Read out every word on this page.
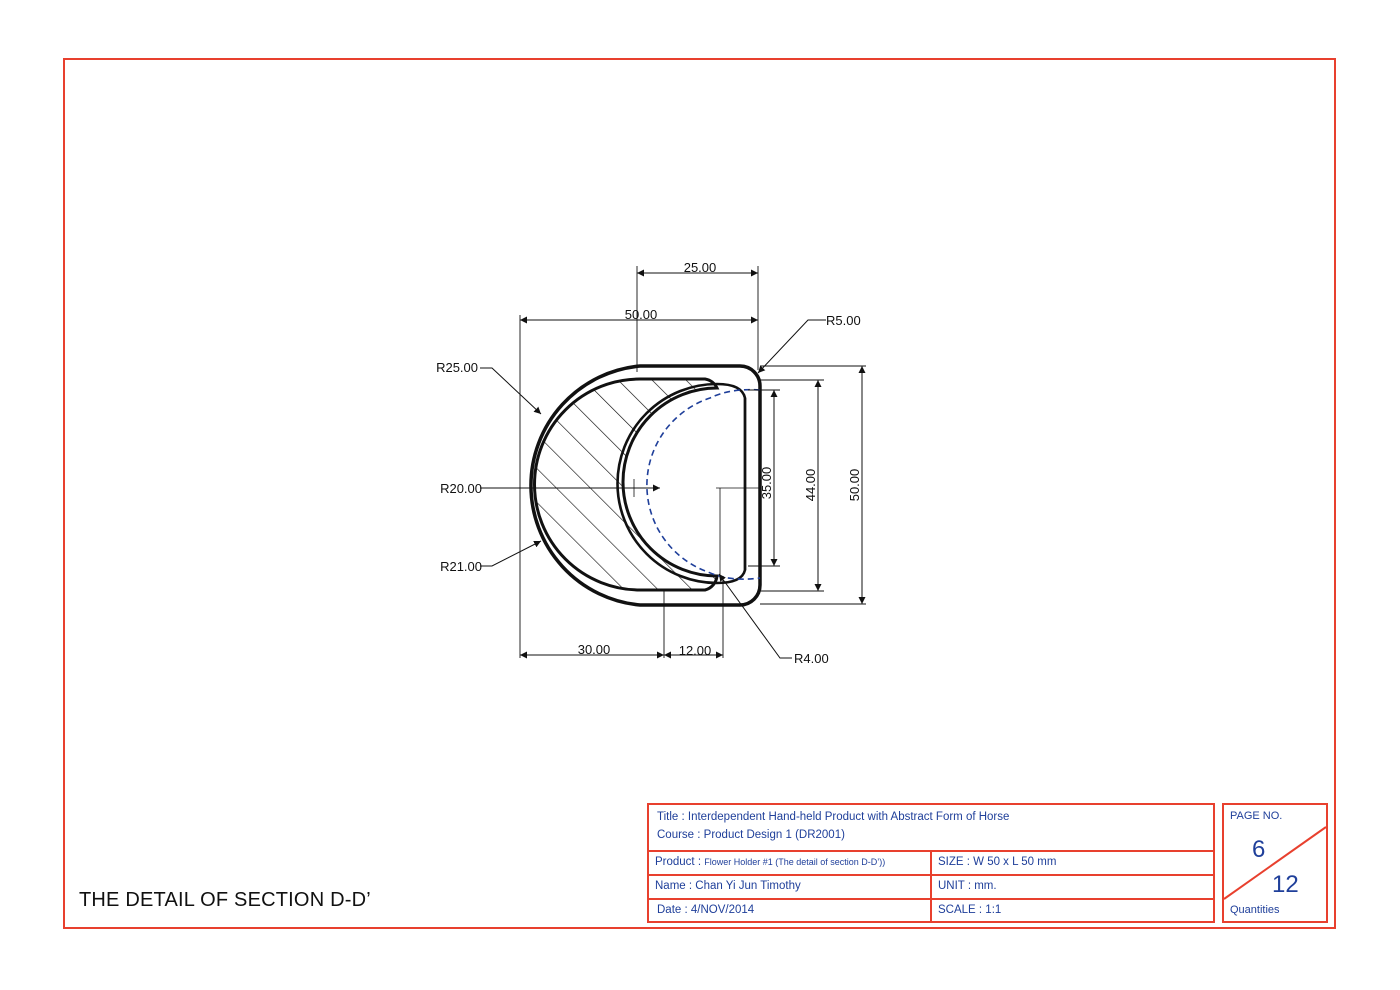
25.00
50.00	R5.00
R25.00
R20.00
R21.00
35.00 44.00 50.00
30.00	12.00
R4.00
THE DETAIL OF SECTION D-D’
Title : Interdependent Hand-held Product with Abstract Form of Horse
Course : Product Design 1 (DR2001)
Product : Flower Holder #1 (The detail of section D-D’))	SIZE : W 50 x L 50 mm
Name : Chan Yi Jun Timothy	UNIT : mm.
Date : 4/NOV/2014	SCALE : 1:1
PAGE NO.
6
12
Quantities
